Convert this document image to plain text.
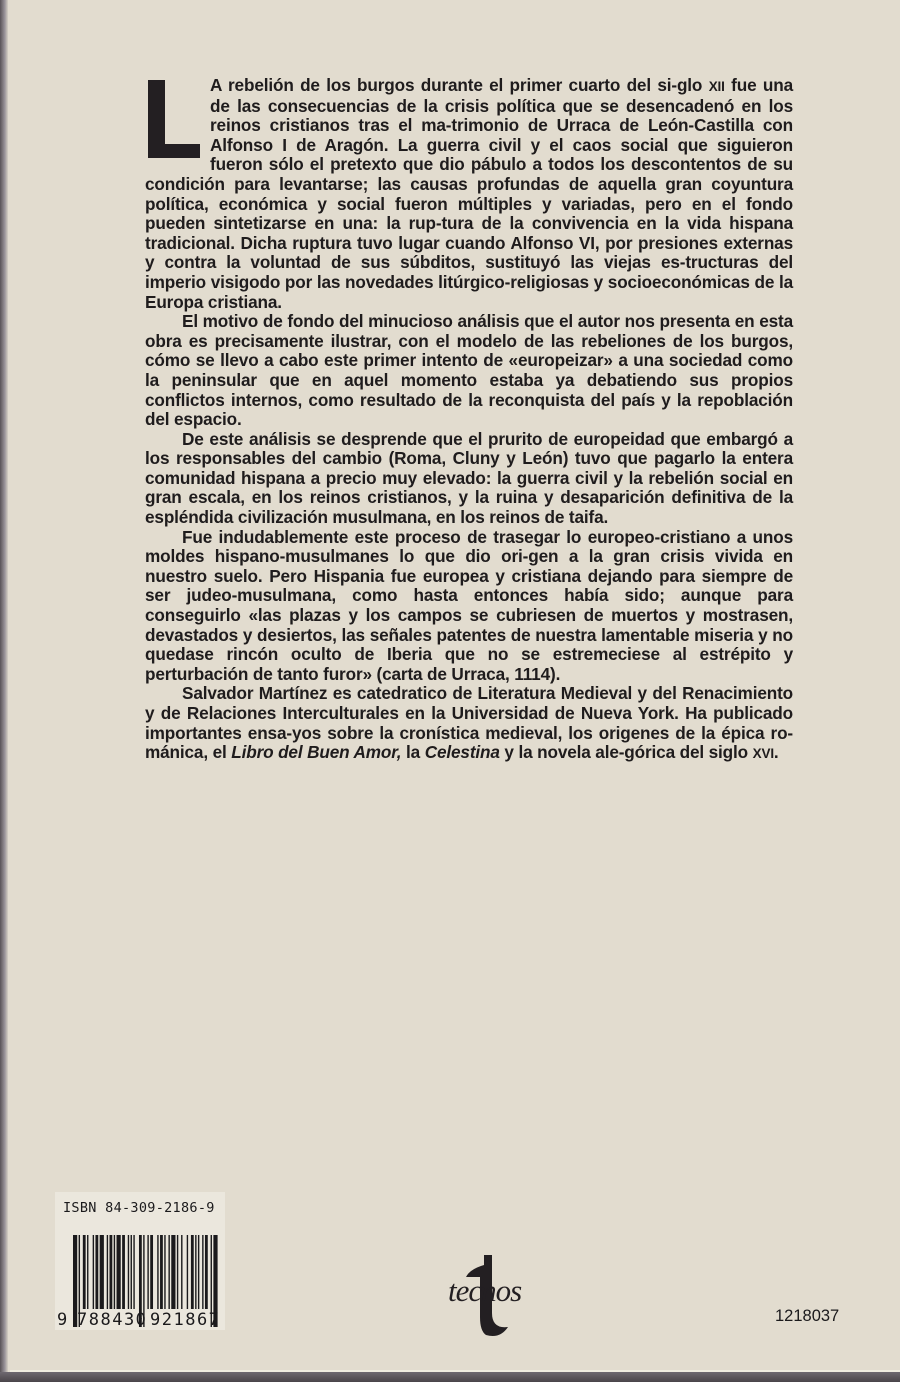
A rebelión de los burgos durante el primer cuarto del si-glo XII fue una de las consecuencias de la crisis política que se desencadenó en los reinos cristianos tras el ma-trimonio de Urraca de León-Castilla con Alfonso I de Aragón. La guerra civil y el caos social que siguieron fueron sólo el pretexto que dio pábulo a todos los descontentos de su condición para levantarse; las causas profundas de aquella gran coyuntura política, económica y social fueron múltiples y variadas, pero en el fondo pueden sintetizarse en una: la rup-tura de la convivencia en la vida hispana tradicional. Dicha ruptura tuvo lugar cuando Alfonso VI, por presiones externas y contra la voluntad de sus súbditos, sustituyó las viejas es-tructuras del imperio visigodo por las novedades litúrgico-religiosas y socioeconómicas de la Europa cristiana.

El motivo de fondo del minucioso análisis que el autor nos presenta en esta obra es precisamente ilustrar, con el modelo de las rebeliones de los burgos, cómo se llevo a cabo este primer intento de «europeizar» a una sociedad como la peninsular que en aquel momento estaba ya debatiendo sus propios conflictos internos, como resultado de la reconquista del país y la repoblación del espacio.

De este análisis se desprende que el prurito de europeidad que embargó a los responsables del cambio (Roma, Cluny y León) tuvo que pagarlo la entera comunidad hispana a precio muy elevado: la guerra civil y la rebelión social en gran escala, en los reinos cristianos, y la ruina y desaparición definitiva de la espléndida civilización musulmana, en los reinos de taifa.

Fue indudablemente este proceso de trasegar lo europeo-cristiano a unos moldes hispano-musulmanes lo que dio ori-gen a la gran crisis vivida en nuestro suelo. Pero Hispania fue europea y cristiana dejando para siempre de ser judeo-musulmana, como hasta entonces había sido; aunque para conseguirlo «las plazas y los campos se cubriesen de muertos y mostrasen, devastados y desiertos, las señales patentes de nuestra lamentable miseria y no quedase rincón oculto de Iberia que no se estremeciese al estrépito y perturbación de tanto furor» (carta de Urraca, 1114).

Salvador Martínez es catedratico de Literatura Medieval y del Renacimiento y de Relaciones Interculturales en la Universidad de Nueva York. Ha publicado importantes ensa-yos sobre la cronística medieval, los origenes de la épica ro-mánica, el Libro del Buen Amor, la Celestina y la novela ale-górica del siglo XVI.

ISBN 84-309-2186-9
9 788430 921867
tecnos
1218037
